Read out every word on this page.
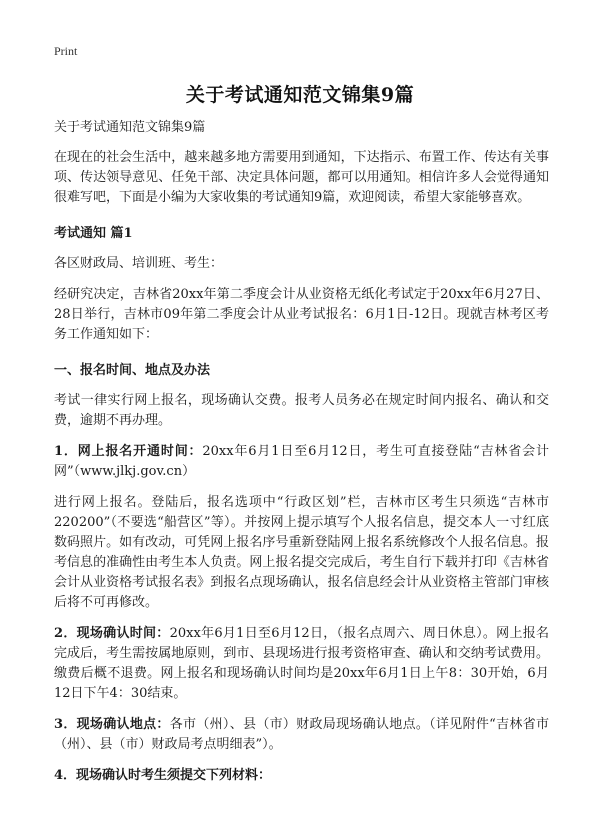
Print
关于考试通知范文锦集9篇

关于考试通知范文锦集9篇

在现在的社会生活中，越来越多地方需要用到通知，下达指示、布置工作、传达有关事项、传达领导意见、任免干部、决定具体问题，都可以用通知。相信许多人会觉得通知很难写吧，下面是小编为大家收集的考试通知9篇，欢迎阅读，希望大家能够喜欢。

考试通知 篇1

各区财政局、培训班、考生：

经研究决定，吉林省20xx年第二季度会计从业资格无纸化考试定于20xx年6月27日、28日举行，吉林市09年第二季度会计从业考试报名：6月1日-12日。现就吉林考区考务工作通知如下：

一、报名时间、地点及办法

考试一律实行网上报名，现场确认交费。报考人员务必在规定时间内报名、确认和交费，逾期不再办理。

1．网上报名开通时间：20xx年6月1日至6月12日，考生可直接登陆“吉林省会计网”（www.jlkj.gov.cn）

进行网上报名。登陆后，报名选项中“行政区划”栏，吉林市区考生只须选“吉林市220200”（不要选“船营区”等）。并按网上提示填写个人报名信息，提交本人一寸红底数码照片。如有改动，可凭网上报名序号重新登陆网上报名系统修改个人报名信息。报考信息的准确性由考生本人负责。网上报名提交完成后，考生自行下载并打印《吉林省会计从业资格考试报名表》到报名点现场确认，报名信息经会计从业资格主管部门审核后将不可再修改。

2．现场确认时间：20xx年6月1日至6月12日，（报名点周六、周日休息）。网上报名完成后，考生需按属地原则，到市、县现场进行报考资格审查、确认和交纳考试费用。缴费后概不退费。网上报名和现场确认时间均是20xx年6月1日上午8：30开始，6月12日下午4：30结束。

3．现场确认地点：各市（州）、县（市）财政局现场确认地点。（详见附件“吉林省市（州）、县（市）财政局考点明细表”）。

4．现场确认时考生须提交下列材料：
